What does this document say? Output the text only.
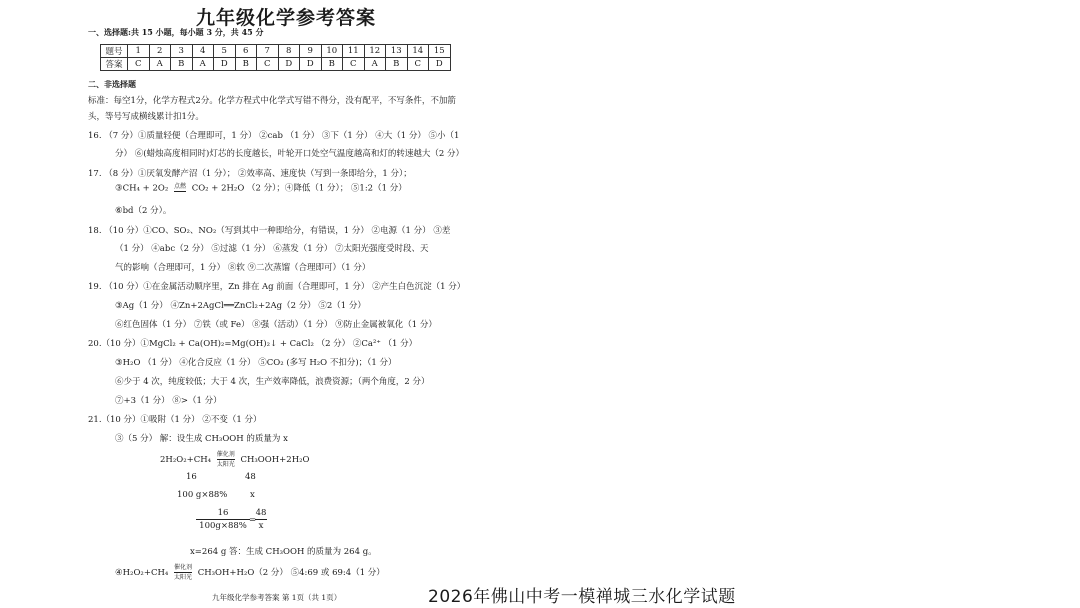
九年级化学参考答案
一、选择题:共 15 小题，每小题 3 分，共 45 分
题号	1	2	3	4	5	6	7	8	9	10	11	12	13	14	15
答案	C	A	B	A	D	B	C	D	D	B	C	A	B	C	D
二、非选择题
标准：每空1分，化学方程式2分。化学方程式中化学式写错不得分，没有配平，不写条件，不加箭
头，等号写成横线累计扣1分。
16. （7 分）①质量轻便（合理即可，1 分） ②cab （1 分） ③下（1 分） ④大（1 分） ⑤小（1
分） ⑥(蜡烛高度相同时)灯芯的长度越长，叶轮开口处空气温度越高和灯的转速越大（2 分）
17. （8 分）①厌氧发酵产沼（1 分）； ②效率高、速度快（写到一条即给分，1 分）；
③CH₄ + 2O₂ 点燃 CO₂ + 2H₂O （2 分）；④降低（1 分）； ⑤1:2（1 分）
⑥bd（2 分）。
18. （10 分）①CO、SO₂、NO₂（写到其中一种即给分，有错误，1 分） ②电源（1 分） ③差
（1 分） ④abc（2 分） ⑤过滤（1 分） ⑥蒸发（1 分） ⑦太阳光强度受时段、天
气的影响（合理即可，1 分） ⑧软 ⑨二次蒸馏（合理即可）（1 分）
19. （10 分）①在金属活动顺序里，Zn 排在 Ag 前面（合理即可，1 分） ②产生白色沉淀（1 分）
③Ag（1 分） ④Zn+2AgCl══ZnCl₂+2Ag（2 分） ⑤2（1 分）
⑥红色固体（1 分） ⑦铁（或 Fe） ⑧强（活动）（1 分） ⑨防止金属被氧化（1 分）
20.（10 分）①MgCl₂ + Ca(OH)₂=Mg(OH)₂↓ + CaCl₂ （2 分） ②Ca²⁺ （1 分）
③H₂O （1 分） ④化合反应（1 分） ⑤CO₂ (多写 H₂O 不扣分)；（1 分）
⑥少于 4 次，纯度较低；大于 4 次，生产效率降低，浪费资源；（两个角度，2 分）
⑦+3（1 分） ⑧>（1 分）
21.（10 分）①吸附（1 分） ②不变（1 分）
③（5 分） 解：设生成 CH₃OOH 的质量为 x
2H₂O₂+CH₄ 催化剂
太阳光 CH₃OOH+2H₂O
16	48
100 g×88%	x
16
100g×88%
=
48
x
x=264 g 答：生成 CH₃OOH 的质量为 264 g。
④H₂O₂+CH₄ 催化剂
太阳光 CH₃OH+H₂O（2 分） ⑤4:69 或 69:4（1 分）
九年级化学参考答案 第 1页（共 1页）	2026年佛山中考一模禅城三水化学试题
